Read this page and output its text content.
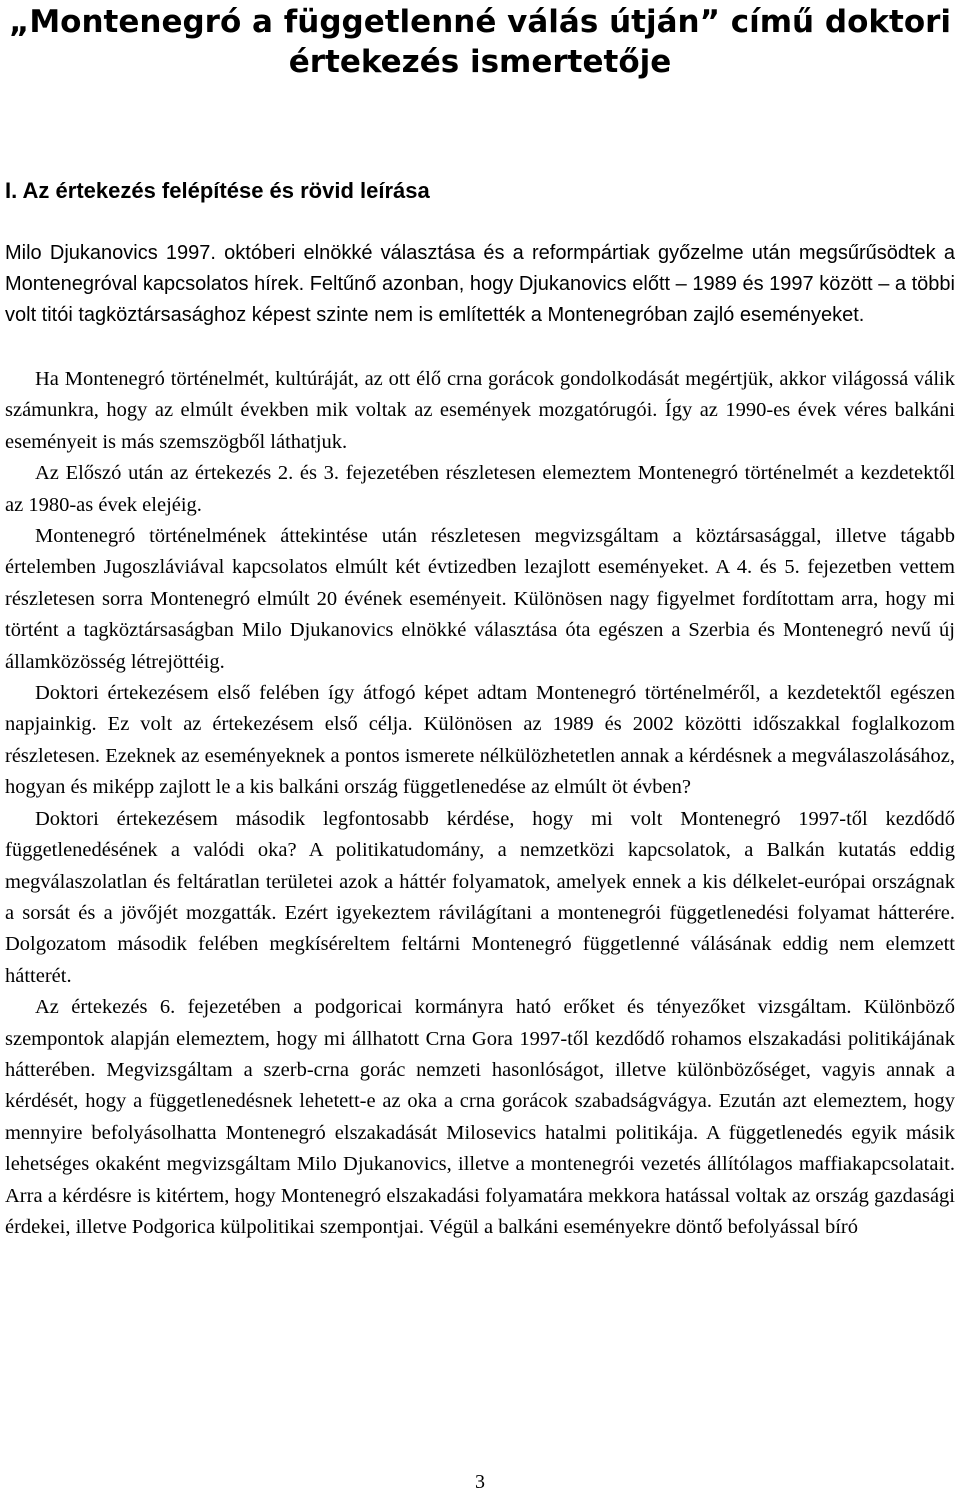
„Montenegró a függetlenné válás útján” című doktori
értekezés ismertetője
I. Az értekezés felépítése és rövid leírása

Milo Djukanovics 1997. októberi elnökké választása és a reformpártiak győzelme után megsűrűsödtek a Montenegróval kapcsolatos hírek. Feltűnő azonban, hogy Djukanovics előtt – 1989 és 1997 között – a többi volt titói tagköztársasághoz képest szinte nem is említették a Montenegróban zajló eseményeket.

Ha Montenegró történelmét, kultúráját, az ott élő crna gorácok gondolkodását megértjük, akkor világossá válik számunkra, hogy az elmúlt években mik voltak az események mozgatórugói. Így az 1990-es évek véres balkáni eseményeit is más szemszögből láthatjuk.

Az Előszó után az értekezés 2. és 3. fejezetében részletesen elemeztem Montenegró történelmét a kezdetektől az 1980-as évek elejéig.

Montenegró történelmének áttekintése után részletesen megvizsgáltam a köztársasággal, illetve tágabb értelemben Jugoszláviával kapcsolatos elmúlt két évtizedben lezajlott eseményeket. A 4. és 5. fejezetben vettem részletesen sorra Montenegró elmúlt 20 évének eseményeit. Különösen nagy figyelmet fordítottam arra, hogy mi történt a tagköztársaságban Milo Djukanovics elnökké választása óta egészen a Szerbia és Montenegró nevű új államközösség létrejöttéig.

Doktori értekezésem első felében így átfogó képet adtam Montenegró történelméről, a kezdetektől egészen napjainkig. Ez volt az értekezésem első célja. Különösen az 1989 és 2002 közötti időszakkal foglalkozom részletesen. Ezeknek az eseményeknek a pontos ismerete nélkülözhetetlen annak a kérdésnek a megválaszolásához, hogyan és miképp zajlott le a kis balkáni ország függetlenedése az elmúlt öt évben?

Doktori értekezésem második legfontosabb kérdése, hogy mi volt Montenegró 1997-től kezdődő függetlenedésének a valódi oka? A politikatudomány, a nemzetközi kapcsolatok, a Balkán kutatás eddig megválaszolatlan és feltáratlan területei azok a háttér folyamatok, amelyek ennek a kis délkelet-európai országnak a sorsát és a jövőjét mozgatták. Ezért igyekeztem rávilágítani a montenegrói függetlenedési folyamat hátterére. Dolgozatom második felében megkíséreltem feltárni Montenegró függetlenné válásának eddig nem elemzett hátterét.

Az értekezés 6. fejezetében a podgoricai kormányra ható erőket és tényezőket vizsgáltam. Különböző szempontok alapján elemeztem, hogy mi állhatott Crna Gora 1997-től kezdődő rohamos elszakadási politikájának hátterében. Megvizsgáltam a szerb-crna gorác nemzeti hasonlóságot, illetve különbözőséget, vagyis annak a kérdését, hogy a függetlenedésnek lehetett-e az oka a crna gorácok szabadságvágya. Ezután azt elemeztem, hogy mennyire befolyásolhatta Montenegró elszakadását Milosevics hatalmi politikája. A függetlenedés egyik másik lehetséges okaként megvizsgáltam Milo Djukanovics, illetve a montenegrói vezetés állítólagos maffiakapcsolatait. Arra a kérdésre is kitértem, hogy Montenegró elszakadási folyamatára mekkora hatással voltak az ország gazdasági érdekei, illetve Podgorica külpolitikai szempontjai. Végül a balkáni eseményekre döntő befolyással bíró

3
